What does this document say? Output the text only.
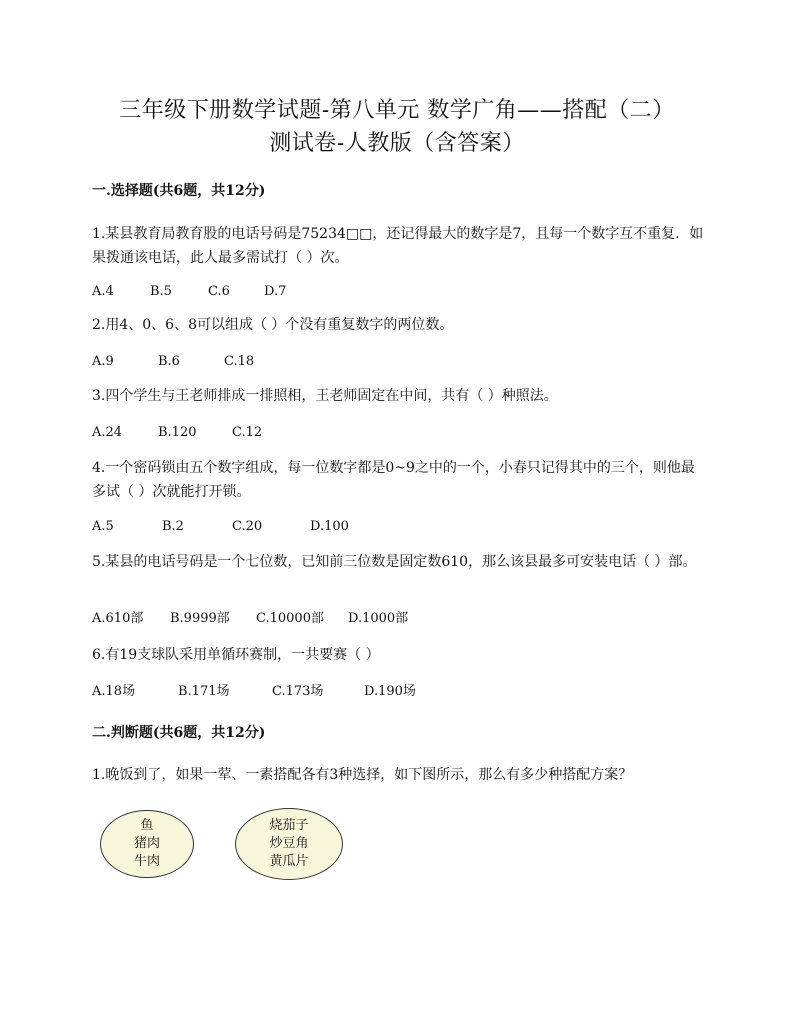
三年级下册数学试题-第八单元 数学广角——搭配（二）
测试卷-人教版（含答案）
一.选择题(共6题，共12分)
1.某县教育局教育股的电话号码是75234□□，还记得最大的数字是7，且每一个数字互不重复．如果拨通该电话，此人最多需试打（ ）次。
A.4	B.5	C.6	D.7
2.用4、0、6、8可以组成（ ）个没有重复数字的两位数。
A.9	B.6	C.18
3.四个学生与王老师排成一排照相，王老师固定在中间，共有（ ）种照法。
A.24	B.120	C.12
4.一个密码锁由五个数字组成，每一位数字都是0~9之中的一个，小春只记得其中的三个，则他最多试（ ）次就能打开锁。
A.5	B.2	C.20	D.100
5.某县的电话号码是一个七位数，已知前三位数是固定数610，那么该县最多可安装电话（ ）部。
A.610部 B.9999部 C.10000部 D.1000部
6.有19支球队采用单循环赛制，一共要赛（ ）
A.18场	B.171场	C.173场	D.190场
二.判断题(共6题，共12分)
1.晚饭到了，如果一荤、一素搭配各有3种选择，如下图所示，那么有多少种搭配方案？
鱼
猪肉
牛肉
烧茄子
炒豆角
黄瓜片
